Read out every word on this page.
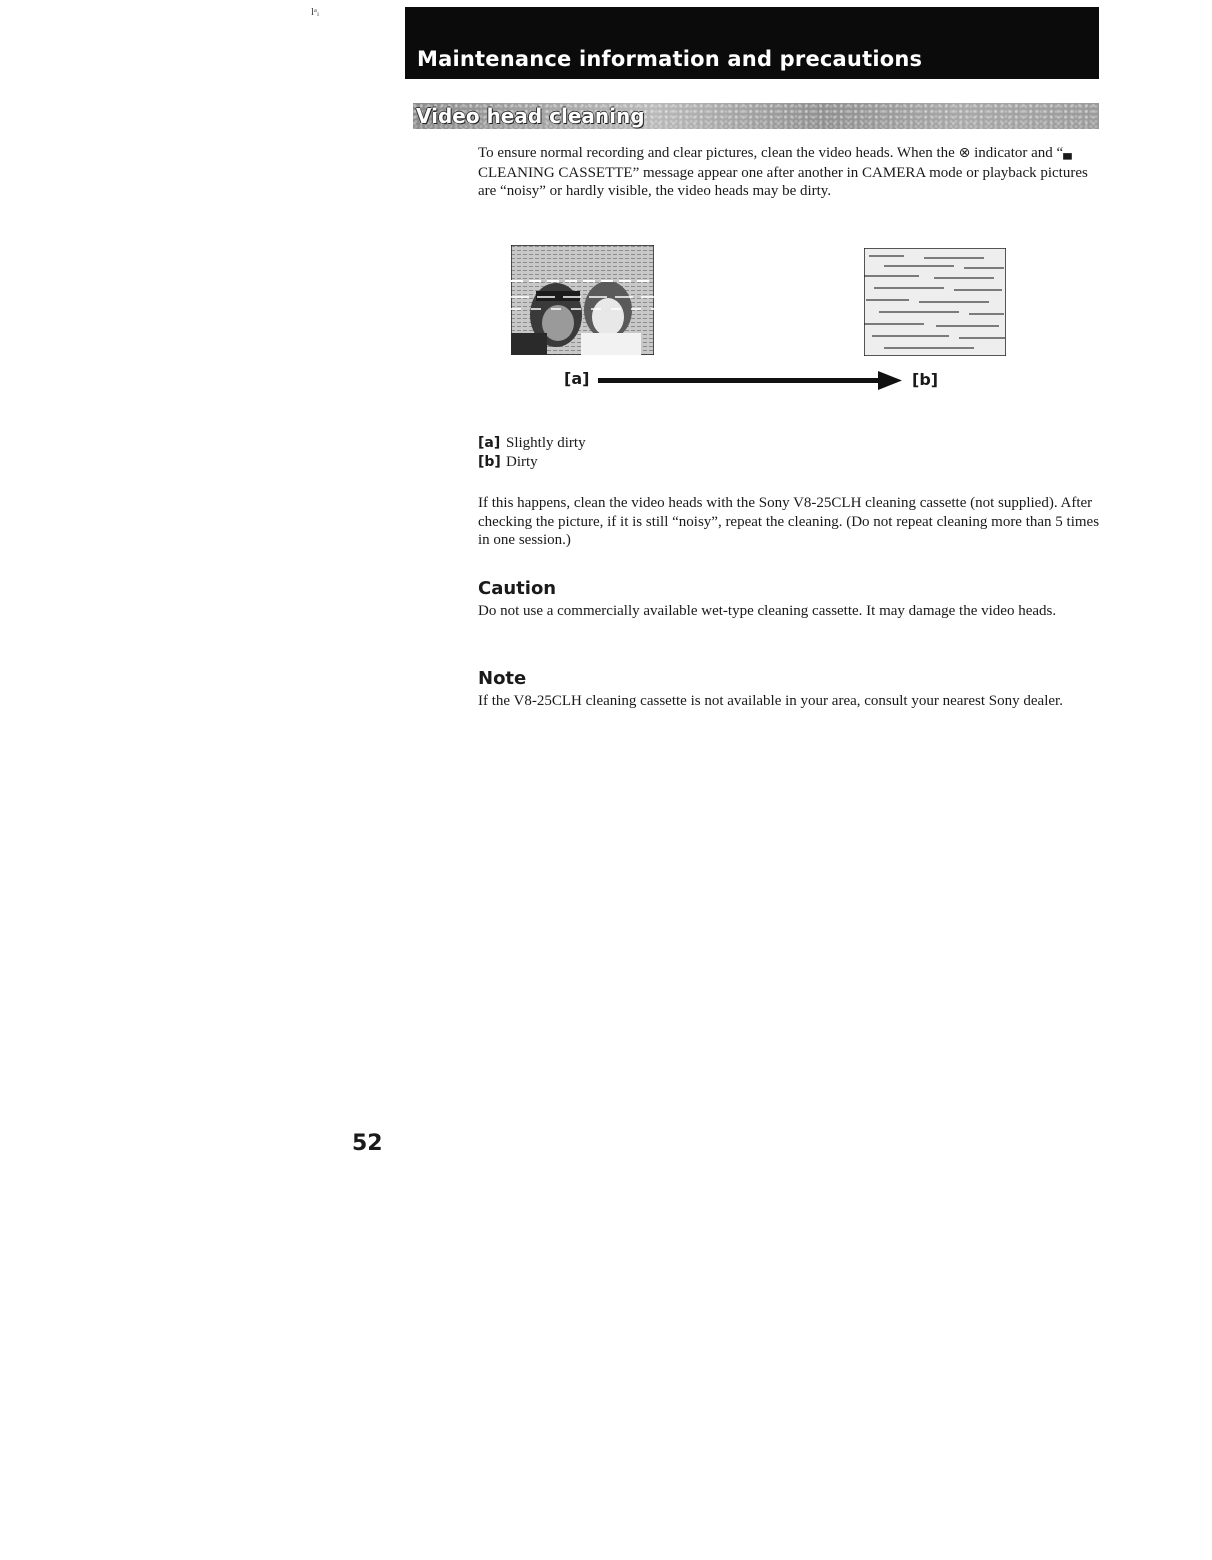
lᵃᵢ
Maintenance information and precautions
Video head cleaning
To ensure normal recording and clear pictures, clean the video heads. When the ⊗ indicator and “▄ CLEANING CASSETTE” message appear one after another in CAMERA mode or playback pictures are “noisy” or hardly visible, the video heads may be dirty.
[a]	[b]
[a] Slightly dirty
[b] Dirty
If this happens, clean the video heads with the Sony V8-25CLH cleaning cassette (not supplied). After checking the picture, if it is still “noisy”, repeat the cleaning. (Do not repeat cleaning more than 5 times in one session.)
Caution
Do not use a commercially available wet-type cleaning cassette. It may damage the video heads.
Note
If the V8-25CLH cleaning cassette is not available in your area, consult your nearest Sony dealer.
52
